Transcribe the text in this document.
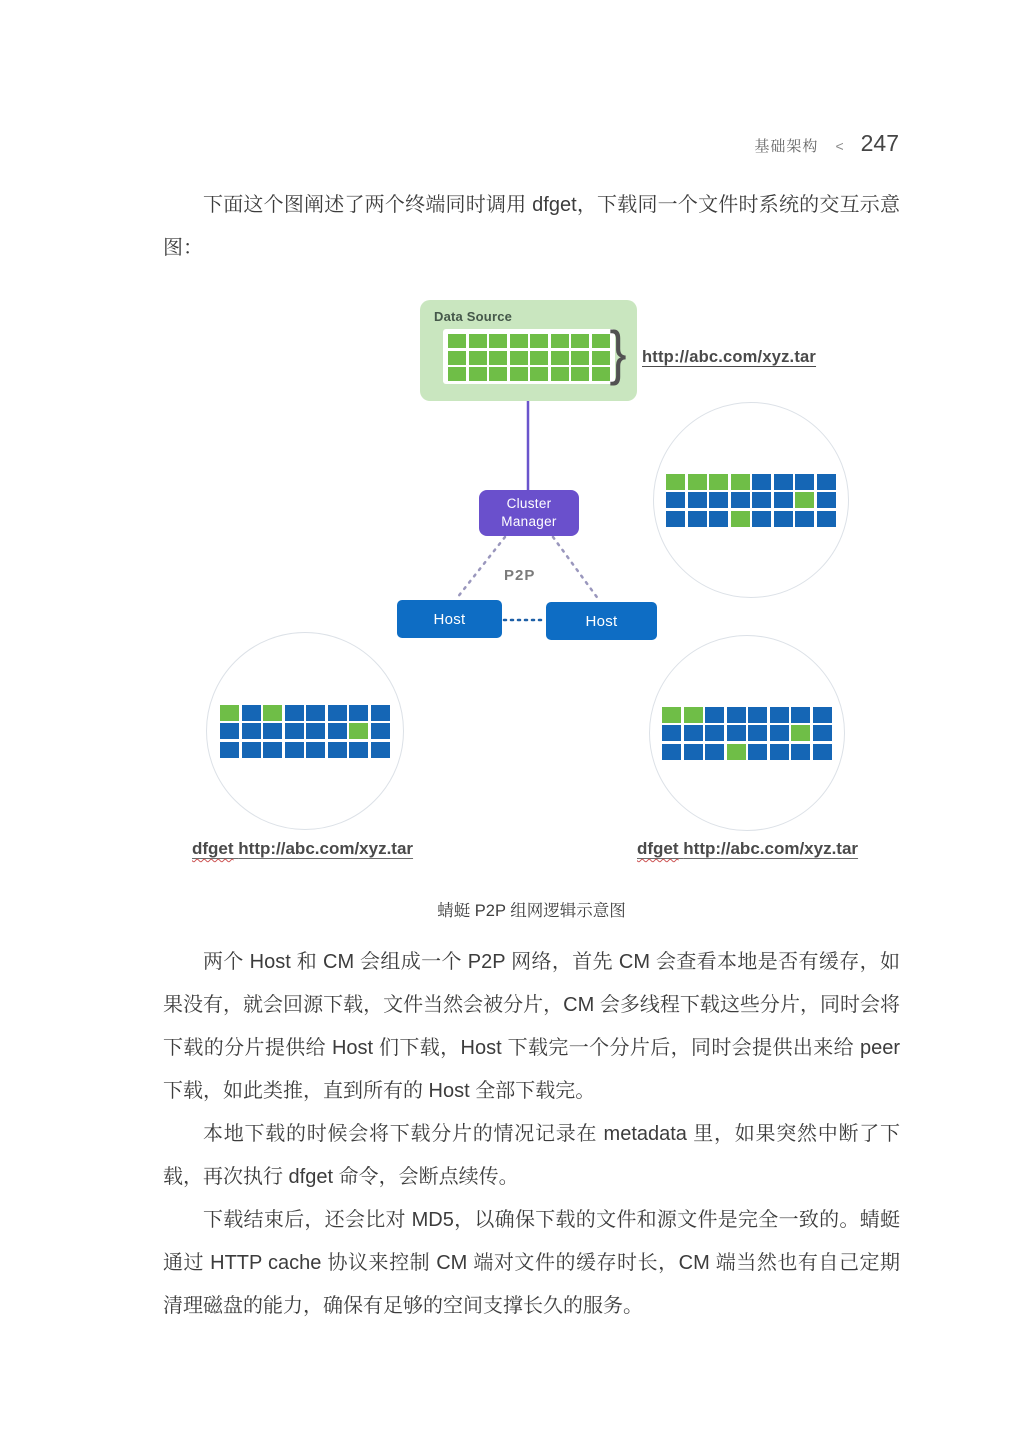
基础架构 < 247
下面这个图阐述了两个终端同时调用 dfget，下载同一个文件时系统的交互示意图：
Data Source
} http://abc.com/xyz.tar
Cluster
Manager
P2P
Host	Host
dfget http://abc.com/xyz.tar	dfget http://abc.com/xyz.tar
蜻蜓 P2P 组网逻辑示意图

两个 Host 和 CM 会组成一个 P2P 网络，首先 CM 会查看本地是否有缓存，如果没有，就会回源下载，文件当然会被分片，CM 会多线程下载这些分片，同时会将下载的分片提供给 Host 们下载，Host 下载完一个分片后，同时会提供出来给 peer 下载，如此类推，直到所有的 Host 全部下载完。

本地下载的时候会将下载分片的情况记录在 metadata 里，如果突然中断了下载，再次执行 dfget 命令，会断点续传。

下载结束后，还会比对 MD5，以确保下载的文件和源文件是完全一致的。蜻蜓通过 HTTP cache 协议来控制 CM 端对文件的缓存时长，CM 端当然也有自己定期清理磁盘的能力，确保有足够的空间支撑长久的服务。
